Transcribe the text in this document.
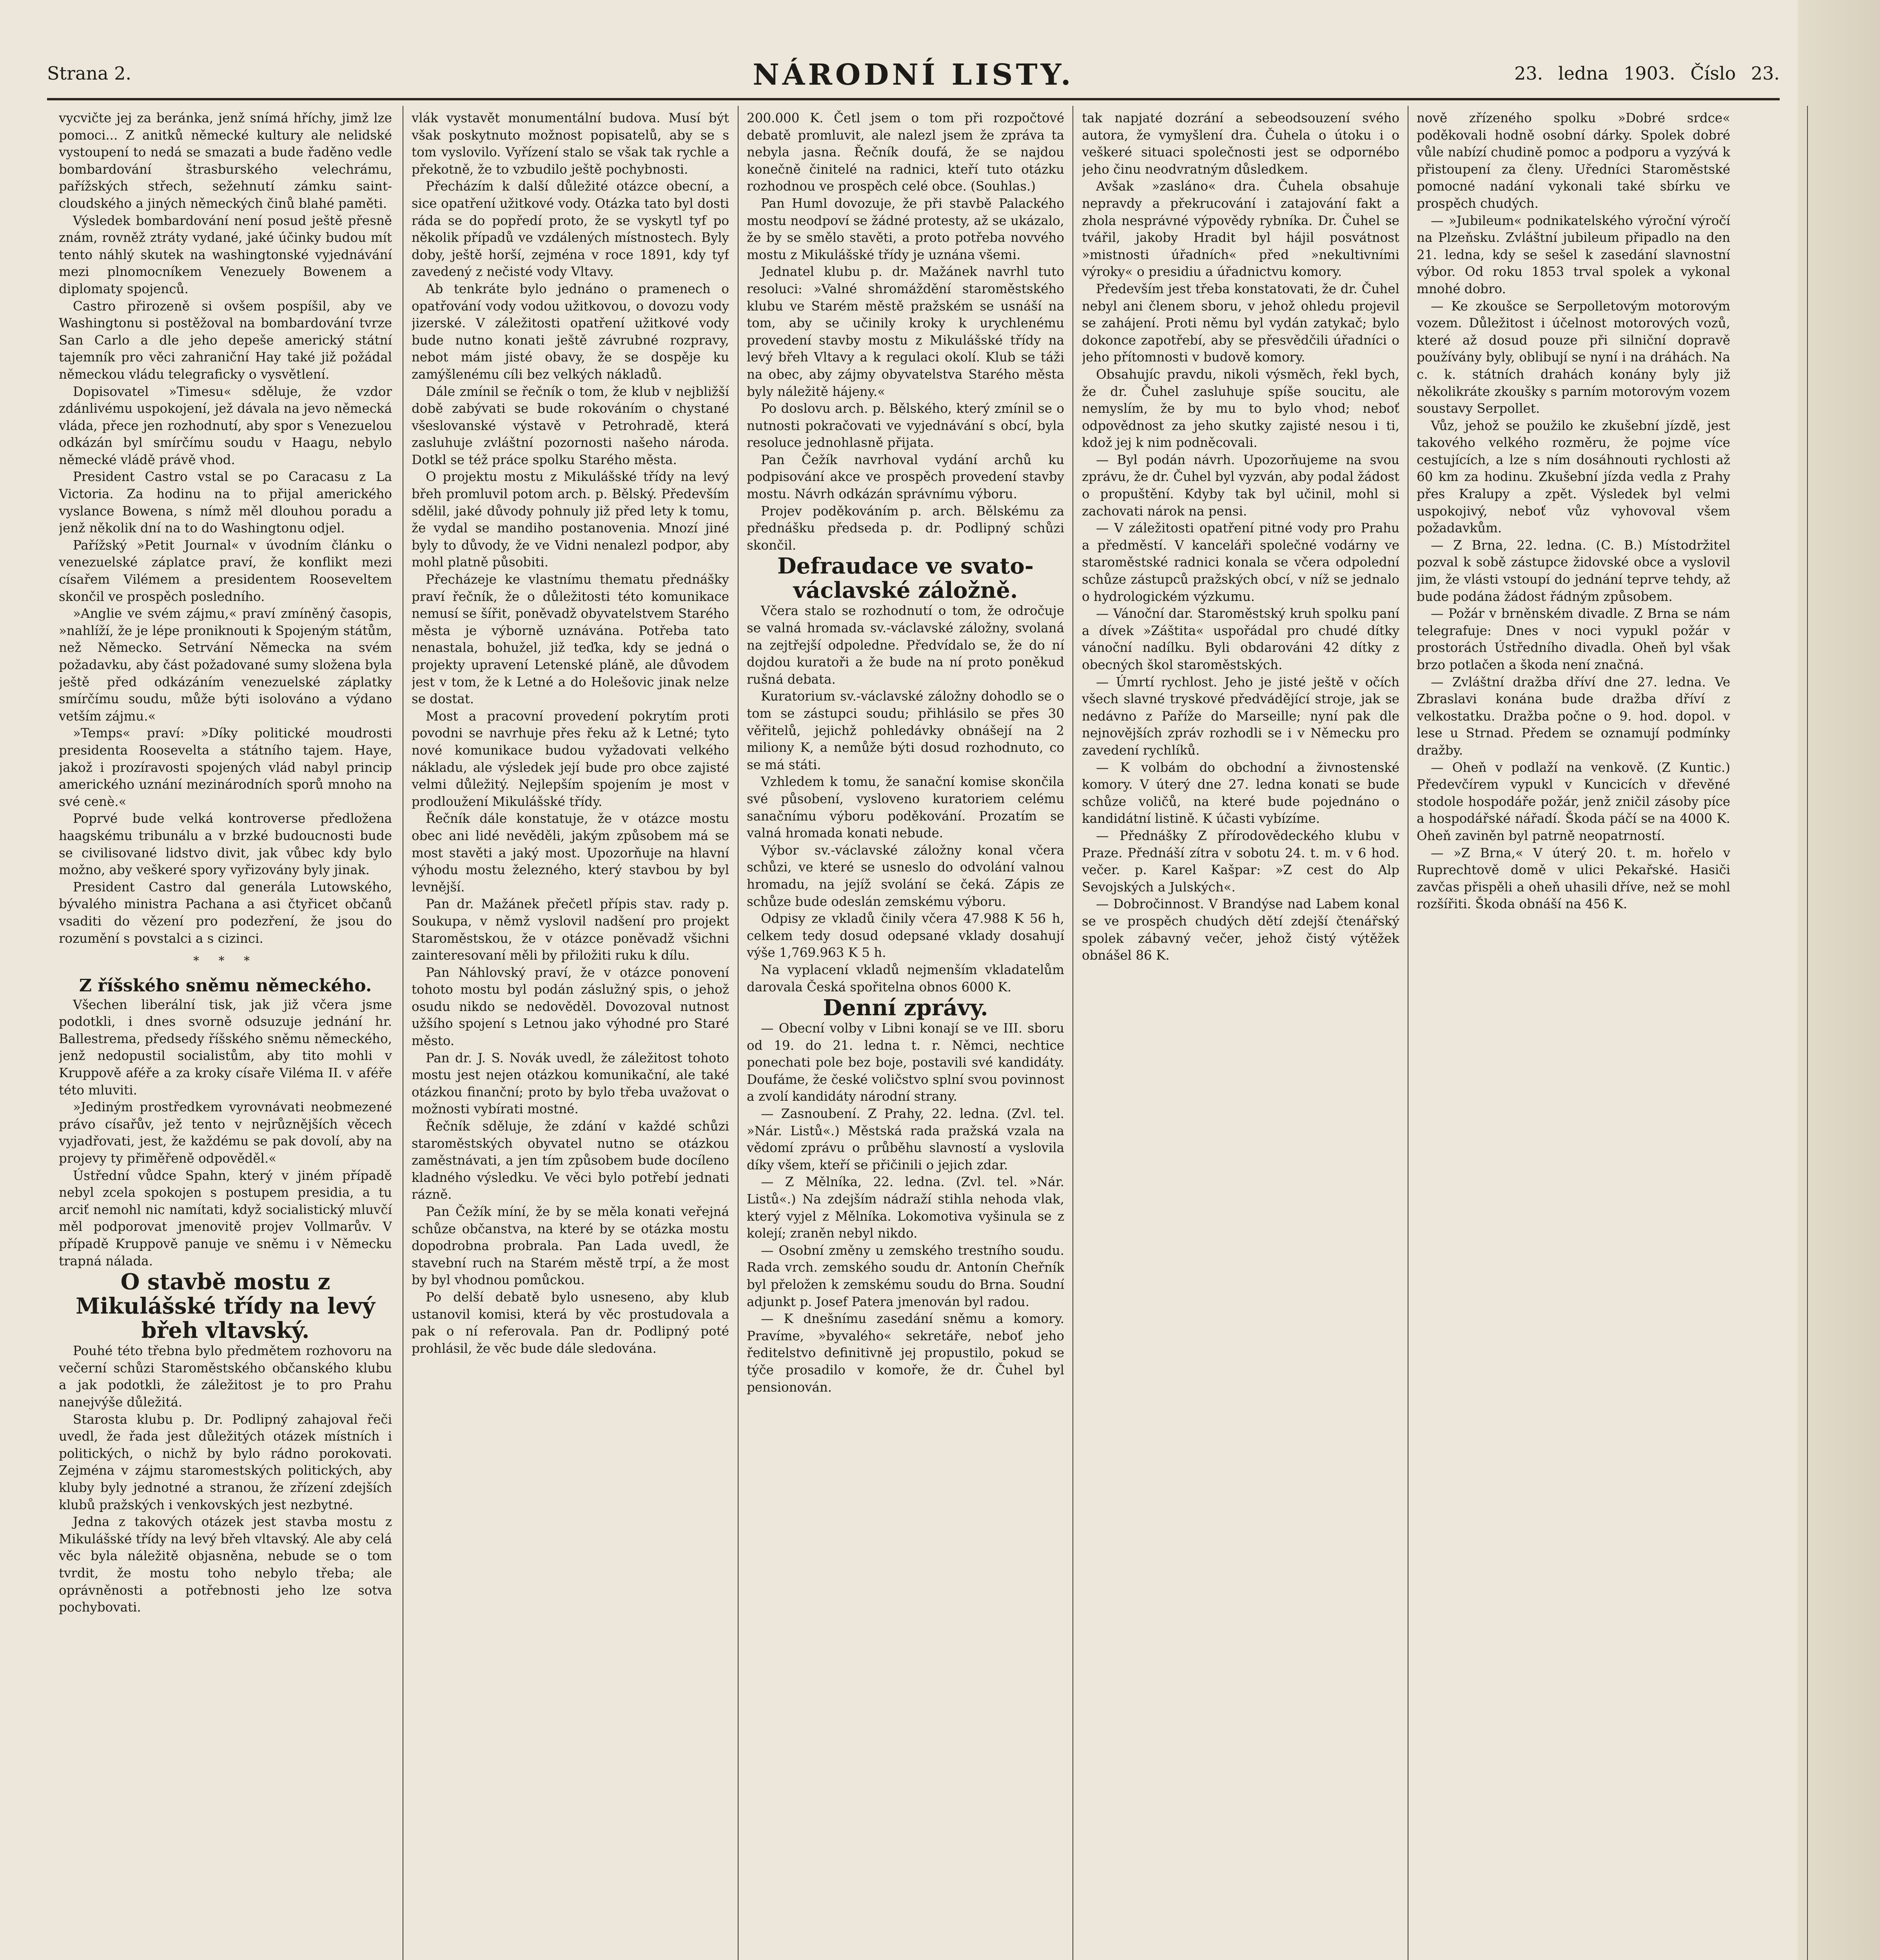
Strana 2.	NÁRODNÍ LISTY.	23. ledna 1903. Číslo 23.

vycvičte jej za beránka, jenž snímá hříchy, jimž lze pomoci... Z anitků německé kultury ale nelidské vystoupení to nedá se smazati a bude řaděno vedle bombardování štrasburského velechrámu, pařížských střech, sežehnutí zámku saint-cloudského a jiných německých činů blahé paměti.

Výsledek bombardování není posud ještě přesně znám, rovněž ztráty vydané, jaké účinky budou mít tento náhlý skutek na washingtonské vyjednávání mezi plnomocníkem Venezuely Bowenem a diplomaty spojenců.

Castro přirozeně si ovšem pospíšil, aby ve Washingtonu si postěžoval na bombardování tvrze San Carlo a dle jeho depeše americký státní tajemník pro věci zahraniční Hay také již požádal německou vládu telegraficky o vysvětlení.

Dopisovatel »Timesu« sděluje, že vzdor zdánlivému uspokojení, jež dávala na jevo německá vláda, přece jen rozhodnutí, aby spor s Venezuelou odkázán byl smírčímu soudu v Haagu, nebylo německé vládě právě vhod.

President Castro vstal se po Caracasu z La Victoria. Za hodinu na to přijal amerického vyslance Bowena, s nímž měl dlouhou poradu a jenž několik dní na to do Washingtonu odjel.

Pařížský »Petit Journal« v úvodním článku o venezuelské záplatce praví, že konflikt mezi císařem Vilémem a presidentem Rooseveltem skončil ve prospěch posledního.

»Anglie ve svém zájmu,« praví zmíněný časopis, »nahlíží, že je lépe proniknouti k Spojeným státům, než Německo. Setrvání Německa na svém požadavku, aby část požadované sumy složena byla ještě před odkázáním venezuelské záplatky smírčímu soudu, může býti isolováno a výdano vetším zájmu.«

»Temps« praví: »Díky politické moudrosti presidenta Roosevelta a státního tajem. Haye, jakož i prozíravosti spojených vlád nabyl princip amerického uznání mezinárodních sporů mnoho na své cenè.«

Poprvé bude velká kontroverse předložena haagskému tribunálu a v brzké budoucnosti bude se civilisované lidstvo divit, jak vůbec kdy bylo možno, aby veškeré spory vyřizovány byly jinak.

President Castro dal generála Lutowského, bývalého ministra Pachana a asi čtyřicet občanů vsaditi do vězení pro podezření, že jsou do rozumění s povstalci a s cizinci.

* * *

Z říšského sněmu německého.

Všechen liberální tisk, jak již včera jsme podotkli, i dnes svorně odsuzuje jednání hr. Ballestrema, předsedy říšského sněmu německého, jenž nedopustil socialistům, aby tito mohli v Kruppově aféře a za kroky císaře Viléma II. v aféře této mluviti.

»Jediným prostředkem vyrovnávati neobmezené právo císařův, jež tento v nejrůznějších věcech vyjadřovati, jest, že každému se pak dovolí, aby na projevy ty přiměřeně odpověděl.«

Ústřední vůdce Spahn, který v jiném případě nebyl zcela spokojen s postupem presidia, a tu arciť nemohl nic namítati, když socialistický mluvčí měl podporovat jmenovitě projev Vollmarův. V případě Kruppově panuje ve sněmu i v Německu trapná nálada.

O stavbě mostu z Mikulášské třídy na levý břeh vltavský.

Pouhé této třebna bylo předmětem rozhovoru na večerní schůzi Staroměstského občanského klubu a jak podotkli, že záležitost je to pro Prahu nanejvýše důležitá.

Starosta klubu p. Dr. Podlipný zahajoval řeči uvedl, že řada jest důležitých otázek místních i politických, o nichž by bylo rádno porokovati. Zejména v zájmu staromestských politických, aby kluby byly jednotné a stranou, že zřízení zdejších klubů pražských i venkovských jest nezbytné.

Jedna z takových otázek jest stavba mostu z Mikulášské třídy na levý břeh vltavský. Ale aby celá věc byla náležitě objasněna, nebude se o tom tvrdit, že mostu toho nebylo třeba; ale oprávněnosti a potřebnosti jeho lze sotva pochybovati.

vlák vystavět monumentální budova. Musí být však poskytnuto možnost popisatelů, aby se s tom vyslovilo. Vyřízení stalo se však tak rychle a překotně, že to vzbudilo ještě pochybnosti.

Přecházím k další důležité otázce obecní, a sice opatření užitkové vody. Otázka tato byl dosti ráda se do popředí proto, že se vyskytl tyf po několik případů ve vzdálených místnostech. Byly doby, ještě horší, zejména v roce 1891, kdy tyf zavedený z nečisté vody Vltavy.

Ab tenkráte bylo jednáno o pramenech o opatřování vody vodou užitkovou, o dovozu vody jizerské. V záležitosti opatření užitkové vody bude nutno konati ještě závrubné rozpravy, nebot mám jisté obavy, že se dospěje ku zamýšlenému cíli bez velkých nákladů.

Dále zmínil se řečník o tom, že klub v nejbližší době zabývati se bude rokováním o chystané všeslovanské výstavě v Petrohradě, která zasluhuje zvláštní pozornosti našeho národa. Dotkl se též práce spolku Starého města.

O projektu mostu z Mikulášské třídy na levý břeh promluvil potom arch. p. Bělský. Především sdělil, jaké důvody pohnuly již před lety k tomu, že vydal se mandiho postanovenia. Mnozí jiné byly to důvody, že ve Vidni nenalezl podpor, aby mohl platně působiti.

Přecházeje ke vlastnímu thematu přednášky praví řečník, že o důležitosti této komunikace nemusí se šířit, poněvadž obyvatelstvem Starého města je výborně uznávána. Potřeba tato nenastala, bohužel, již teďka, kdy se jedná o projekty upravení Letenské pláně, ale důvodem jest v tom, že k Letné a do Holešovic jinak nelze se dostat.

Most a pracovní provedení pokrytím proti povodni se navrhuje přes řeku až k Letné; tyto nové komunikace budou vyžadovati velkého nákladu, ale výsledek její bude pro obce zajisté velmi důležitý. Nejlepším spojením je most v prodloužení Mikulášské třídy.

Řečník dále konstatuje, že v otázce mostu obec ani lidé nevěděli, jakým způsobem má se most stavěti a jaký most. Upozorňuje na hlavní výhodu mostu železného, který stavbou by byl levnější.

Pan dr. Mažánek přečetl přípis stav. rady p. Soukupa, v němž vyslovil nadšení pro projekt Staroměstskou, že v otázce poněvadž všichni zainteresovaní měli by přiložiti ruku k dílu.

Pan Náhlovský praví, že v otázce ponovení tohoto mostu byl podán záslužný spis, o jehož osudu nikdo se nedověděl. Dovozoval nutnost užšího spojení s Letnou jako výhodné pro Staré město.

Pan dr. J. S. Novák uvedl, že záležitost tohoto mostu jest nejen otázkou komunikační, ale také otázkou finanční; proto by bylo třeba uvažovat o možnosti vybírati mostné.

Řečník sděluje, že zdání v každé schůzi staroměstských obyvatel nutno se otázkou zaměstnávati, a jen tím způsobem bude docíleno kladného výsledku. Ve věci bylo potřebí jednati rázně.

Pan Čežík míní, že by se měla konati veřejná schůze občanstva, na které by se otázka mostu dopodrobna probrala. Pan Lada uvedl, že stavební ruch na Starém městě trpí, a že most by byl vhodnou pomůckou.

Po delší debatě bylo usneseno, aby klub ustanovil komisi, která by věc prostudovala a pak o ní referovala. Pan dr. Podlipný poté prohlásil, že věc bude dále sledována.

200.000 K. Četl jsem o tom při rozpočtové debatě promluvit, ale nalezl jsem že zpráva ta nebyla jasna. Řečník doufá, že se najdou konečně činitelé na radnici, kteří tuto otázku rozhodnou ve prospěch celé obce. (Souhlas.)

Pan Huml dovozuje, že při stavbě Palackého mostu neodpoví se žádné protesty, až se ukázalo, že by se smělo stavěti, a proto potřeba novvého mostu z Mikulášské třídy je uznána všemi.

Jednatel klubu p. dr. Mažánek navrhl tuto resoluci: »Valné shromáždění staroměstského klubu ve Starém městě pražském se usnáší na tom, aby se učinily kroky k urychlenému provedení stavby mostu z Mikulášské třídy na levý břeh Vltavy a k regulaci okolí. Klub se táži na obec, aby zájmy obyvatelstva Starého města byly náležitě hájeny.«

Po doslovu arch. p. Bělského, který zmínil se o nutnosti pokračovati ve vyjednávání s obcí, byla resoluce jednohlasně přijata.

Pan Čežík navrhoval vydání archů ku podpisování akce ve prospěch provedení stavby mostu. Návrh odkázán správnímu výboru.

Projev poděkováním p. arch. Bělskému za přednášku předseda p. dr. Podlipný schůzi skončil.

Defraudace ve svato-václavské záložně.

Včera stalo se rozhodnutí o tom, že odročuje se valná hromada sv.-václavské záložny, svolaná na zejtřejší odpoledne. Předvídalo se, že do ní dojdou kuratoři a že bude na ní proto poněkud rušná debata.

Kuratorium sv.-václavské záložny dohodlo se o tom se zástupci soudu; přihlásilo se přes 30 věřitelů, jejichž pohledávky obnášejí na 2 miliony K, a nemůže býti dosud rozhodnuto, co se má státi.

Vzhledem k tomu, že sanační komise skončila své působení, vysloveno kuratoriem celému sanačnímu výboru poděkování. Prozatím se valná hromada konati nebude.

Výbor sv.-václavské záložny konal včera schůzi, ve které se usneslo do odvolání valnou hromadu, na jejíž svolání se čeká. Zápis ze schůze bude odeslán zemskému výboru.

Odpisy ze vkladů činily včera 47.988 K 56 h, celkem tedy dosud odepsané vklady dosahují výše 1,769.963 K 5 h.

Na vyplacení vkladů nejmenším vkladatelům darovala Česká spořitelna obnos 6000 K.

Denní zprávy.

— Obecní volby v Libni konají se ve III. sboru od 19. do 21. ledna t. r. Němci, nechtice ponechati pole bez boje, postavili své kandidáty. Doufáme, že české voličstvo splní svou povinnost a zvolí kandidáty národní strany.

— Zasnoubení. Z Prahy, 22. ledna. (Zvl. tel. »Nár. Listů«.) Městská rada pražská vzala na vědomí zprávu o průběhu slavností a vyslovila díky všem, kteří se přičinili o jejich zdar.

— Z Mělníka, 22. ledna. (Zvl. tel. »Nár. Listů«.) Na zdejším nádraží stihla nehoda vlak, který vyjel z Mělníka. Lokomotiva vyšinula se z kolejí; zraněn nebyl nikdo.

— Osobní změny u zemského trestního soudu. Rada vrch. zemského soudu dr. Antonín Cheřník byl přeložen k zemskému soudu do Brna. Soudní adjunkt p. Josef Patera jmenován byl radou.

— K dnešnímu zasedání sněmu a komory. Pravíme, »byvalého« sekretáře, neboť jeho ředitelstvo definitivně jej propustilo, pokud se týče prosadilo v komoře, že dr. Čuhel byl pensionován.

tak napjaté dozrání a sebeodsouzení svého autora, že vymyšlení dra. Čuhela o útoku i o veškeré situaci společnosti jest se odpornébo jeho činu neodvratným důsledkem.

Avšak »zasláno« dra. Čuhela obsahuje nepravdy a překrucování i zatajování fakt a zhola nesprávné výpovědy rybníka. Dr. Čuhel se tvářil, jakoby Hradit byl hájil posvátnost »mistnosti úřadních« před »nekultivními výroky« o presidiu a úřadnictvu komory.

Především jest třeba konstatovati, že dr. Čuhel nebyl ani členem sboru, v jehož ohledu projevil se zahájení. Proti němu byl vydán zatykač; bylo dokonce zapotřebí, aby se přesvědčili úřadníci o jeho přítomnosti v budově komory.

Obsahujíc pravdu, nikoli výsměch, řekl bych, že dr. Čuhel zasluhuje spíše soucitu, ale nemyslím, že by mu to bylo vhod; neboť odpovědnost za jeho skutky zajisté nesou i ti, kdož jej k nim podněcovali.

— Byl podán návrh. Upozorňujeme na svou zprávu, že dr. Čuhel byl vyzván, aby podal žádost o propuštění. Kdyby tak byl učinil, mohl si zachovati nárok na pensi.

— V záležitosti opatření pitné vody pro Prahu a předměstí. V kanceláři společné vodárny ve staroměstské radnici konala se včera odpolední schůze zástupců pražských obcí, v níž se jednalo o hydrologickém výzkumu.

— Vánoční dar. Staroměstský kruh spolku paní a dívek »Záštita« uspořádal pro chudé dítky vánoční nadílku. Byli obdarováni 42 dítky z obecných škol staroměstských.

— Úmrtí rychlost. Jeho je jisté ještě v očích všech slavné tryskové předvádějící stroje, jak se nedávno z Paříže do Marseille; nyní pak dle nejnovějších zpráv rozhodli se i v Německu pro zavedení rychlíků.

— K volbám do obchodní a živnostenské komory. V úterý dne 27. ledna konati se bude schůze voličů, na které bude pojednáno o kandidátní listině. K účasti vybízíme.

— Přednášky Z přírodovědeckého klubu v Praze. Přednáší zítra v sobotu 24. t. m. v 6 hod. večer. p. Karel Kašpar: »Z cest do Alp Sevojských a Julských«.

— Dobročinnost. V Brandýse nad Labem konal se ve prospěch chudých dětí zdejší čtenářský spolek zábavný večer, jehož čistý výtěžek obnášel 86 K.

nově zřízeného spolku »Dobré srdce« poděkovali hodně osobní dárky. Spolek dobré vůle nabízí chudině pomoc a podporu a vyzývá k přistoupení za členy. Uředníci Staroměstské pomocné nadání vykonali také sbírku ve prospěch chudých.

— »Jubileum« podnikatelského výroční výročí na Plzeňsku. Zvláštní jubileum připadlo na den 21. ledna, kdy se sešel k zasedání slavnostní výbor. Od roku 1853 trval spolek a vykonal mnohé dobro.

— Ke zkoušce se Serpolletovým motorovým vozem. Důležitost i účelnost motorových vozů, které až dosud pouze při silniční dopravě používány byly, oblibují se nyní i na dráhách. Na c. k. státních drahách konány byly již několikráte zkoušky s parním motorovým vozem soustavy Serpollet.

Vůz, jehož se použilo ke zkušební jízdě, jest takového velkého rozměru, že pojme více cestujících, a lze s ním dosáhnouti rychlosti až 60 km za hodinu. Zkušební jízda vedla z Prahy přes Kralupy a zpět. Výsledek byl velmi uspokojivý, neboť vůz vyhovoval všem požadavkům.

— Z Brna, 22. ledna. (C. B.) Místodržitel pozval k sobě zástupce židovské obce a vyslovil jim, že vlásti vstoupí do jednání teprve tehdy, až bude podána žádost řádným způsobem.

— Požár v brněnském divadle. Z Brna se nám telegrafuje: Dnes v noci vypukl požár v prostorách Ústředního divadla. Oheň byl však brzo potlačen a škoda není značná.

— Zvláštní dražba dříví dne 27. ledna. Ve Zbraslavi konána bude dražba dříví z velkostatku. Dražba počne o 9. hod. dopol. v lese u Strnad. Předem se oznamují podmínky dražby.

— Oheň v podlaží na venkově. (Z Kuntic.) Předevčírem vypukl v Kuncicích v dřevěné stodole hospodáře požár, jenž zničil zásoby píce a hospodářské nářadí. Škoda páčí se na 4000 K. Oheň zaviněn byl patrně neopatrností.

— »Z Brna,« V úterý 20. t. m. hořelo v Ruprechtově domě v ulici Pekařské. Hasiči zavčas přispěli a oheň uhasili dříve, než se mohl rozšířiti. Škoda obnáší na 456 K.
